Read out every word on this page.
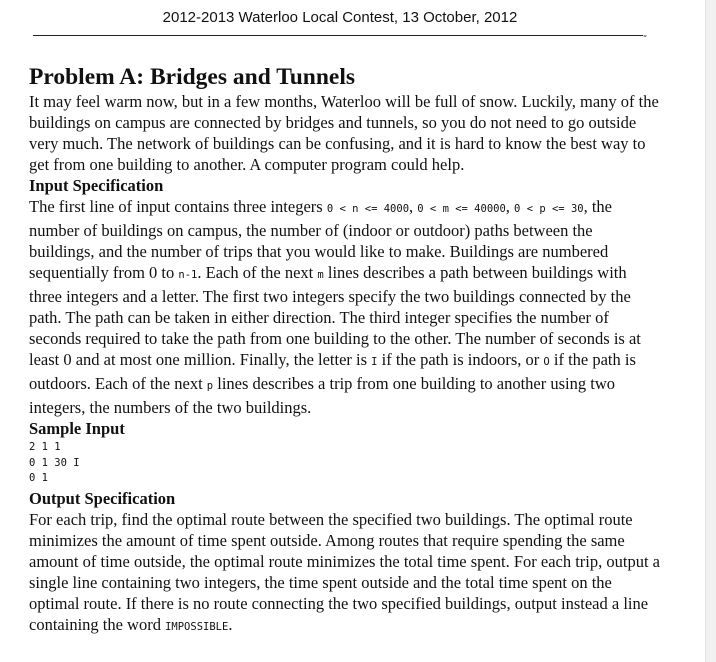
2012-2013 Waterloo Local Contest, 13 October, 2012
-
Problem A: Bridges and Tunnels

It may feel warm now, but in a few months, Waterloo will be full of snow. Luckily, many of the buildings on campus are connected by bridges and tunnels, so you do not need to go outside very much. The network of buildings can be confusing, and it is hard to know the best way to get from one building to another. A computer program could help.

Input Specification

The first line of input contains three integers 0 < n <= 4000, 0 < m <= 40000, 0 < p <= 30, the number of buildings on campus, the number of (indoor or outdoor) paths between the buildings, and the number of trips that you would like to make. Buildings are numbered sequentially from 0 to n-1. Each of the next m lines describes a path between buildings with three integers and a letter. The first two integers specify the two buildings connected by the path. The path can be taken in either direction. The third integer specifies the number of seconds required to take the path from one building to the other. The number of seconds is at least 0 and at most one million. Finally, the letter is I if the path is indoors, or O if the path is outdoors. Each of the next p lines describes a trip from one building to another using two integers, the numbers of the two buildings.

Sample Input
2 1 1
0 1 30 I
0 1
Output Specification

For each trip, find the optimal route between the specified two buildings. The optimal route minimizes the amount of time spent outside. Among routes that require spending the same amount of time outside, the optimal route minimizes the total time spent. For each trip, output a single line containing two integers, the time spent outside and the total time spent on the optimal route. If there is no route connecting the two specified buildings, output instead a line containing the word IMPOSSIBLE.
